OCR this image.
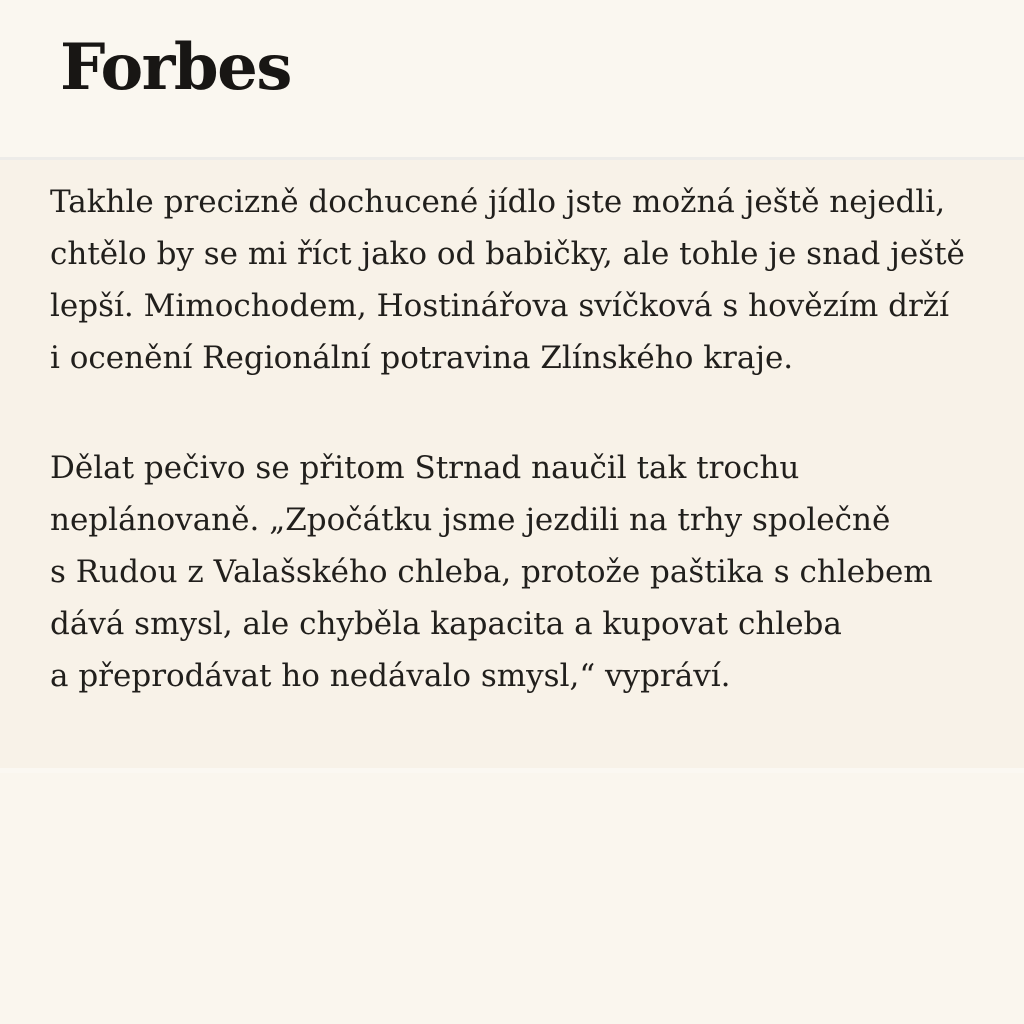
Forbes

Takhle precizně dochucené jídlo jste možná ještě nejedli,
chtělo by se mi říct jako od babičky, ale tohle je snad ještě
lepší. Mimochodem, Hostinářova svíčková s hovězím drží
i ocenění Regionální potravina Zlínského kraje.

Dělat pečivo se přitom Strnad naučil tak trochu
neplánovaně. „Zpočátku jsme jezdili na trhy společně
s Rudou z Valašského chleba, protože paštika s chlebem
dává smysl, ale chyběla kapacita a kupovat chleba
a přeprodávat ho nedávalo smysl,“ vypráví.
